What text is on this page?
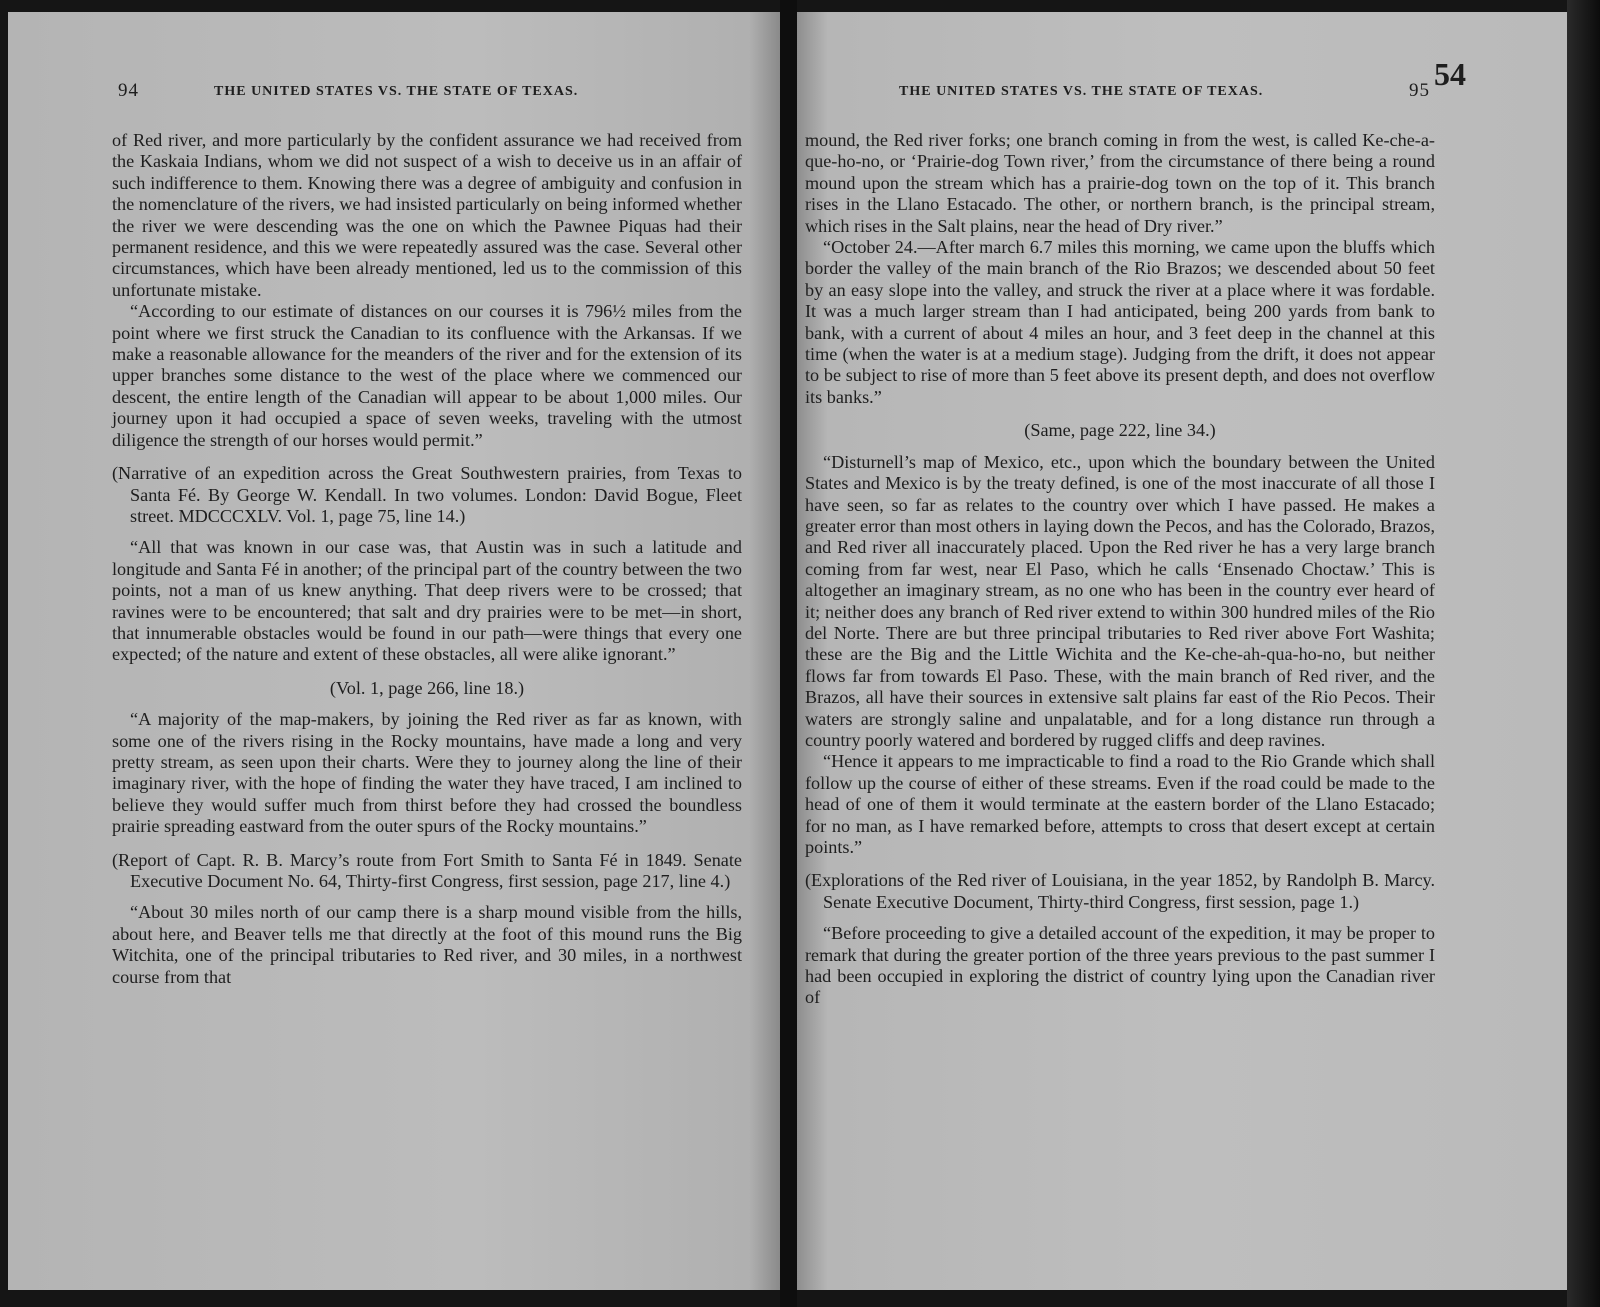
94	THE UNITED STATES VS. THE STATE OF TEXAS.

of Red river, and more particularly by the confident assurance we had received from the Kaskaia Indians, whom we did not suspect of a wish to deceive us in an affair of such indifference to them. Knowing there was a degree of ambiguity and confusion in the nomenclature of the rivers, we had insisted particularly on being informed whether the river we were descending was the one on which the Pawnee Piquas had their permanent residence, and this we were repeatedly assured was the case. Several other circumstances, which have been already mentioned, led us to the commission of this unfortunate mistake.

“According to our estimate of distances on our courses it is 796½ miles from the point where we first struck the Canadian to its confluence with the Arkansas. If we make a reasonable allowance for the meanders of the river and for the extension of its upper branches some distance to the west of the place where we commenced our descent, the entire length of the Canadian will appear to be about 1,000 miles. Our journey upon it had occupied a space of seven weeks, traveling with the utmost diligence the strength of our horses would permit.”

(Narrative of an expedition across the Great Southwestern prairies, from Texas to Santa Fé. By George W. Kendall. In two volumes. London: David Bogue, Fleet street. MDCCCXLV. Vol. 1, page 75, line 14.)

“All that was known in our case was, that Austin was in such a latitude and longitude and Santa Fé in another; of the principal part of the country between the two points, not a man of us knew anything. That deep rivers were to be crossed; that ravines were to be encountered; that salt and dry prairies were to be met—in short, that innumerable obstacles would be found in our path—were things that every one expected; of the nature and extent of these obstacles, all were alike ignorant.”

(Vol. 1, page 266, line 18.)

“A majority of the map-makers, by joining the Red river as far as known, with some one of the rivers rising in the Rocky mountains, have made a long and very pretty stream, as seen upon their charts. Were they to journey along the line of their imaginary river, with the hope of finding the water they have traced, I am inclined to believe they would suffer much from thirst before they had crossed the boundless prairie spreading eastward from the outer spurs of the Rocky mountains.”

(Report of Capt. R. B. Marcy’s route from Fort Smith to Santa Fé in 1849. Senate Executive Document No. 64, Thirty-first Congress, first session, page 217, line 4.)

“About 30 miles north of our camp there is a sharp mound visible from the hills, about here, and Beaver tells me that directly at the foot of this mound runs the Big Witchita, one of the principal tributaries to Red river, and 30 miles, in a northwest course from that

THE UNITED STATES VS. THE STATE OF TEXAS.	95 54

mound, the Red river forks; one branch coming in from the west, is called Ke-che-a-que-ho-no, or ‘Prairie-dog Town river,’ from the circumstance of there being a round mound upon the stream which has a prairie-dog town on the top of it. This branch rises in the Llano Estacado. The other, or northern branch, is the principal stream, which rises in the Salt plains, near the head of Dry river.”

“October 24.—After march 6.7 miles this morning, we came upon the bluffs which border the valley of the main branch of the Rio Brazos; we descended about 50 feet by an easy slope into the valley, and struck the river at a place where it was fordable. It was a much larger stream than I had anticipated, being 200 yards from bank to bank, with a current of about 4 miles an hour, and 3 feet deep in the channel at this time (when the water is at a medium stage). Judging from the drift, it does not appear to be subject to rise of more than 5 feet above its present depth, and does not overflow its banks.”

(Same, page 222, line 34.)

“Disturnell’s map of Mexico, etc., upon which the boundary between the United States and Mexico is by the treaty defined, is one of the most inaccurate of all those I have seen, so far as relates to the country over which I have passed. He makes a greater error than most others in laying down the Pecos, and has the Colorado, Brazos, and Red river all inaccurately placed. Upon the Red river he has a very large branch coming from far west, near El Paso, which he calls ‘Ensenado Choctaw.’ This is altogether an imaginary stream, as no one who has been in the country ever heard of it; neither does any branch of Red river extend to within 300 hundred miles of the Rio del Norte. There are but three principal tributaries to Red river above Fort Washita; these are the Big and the Little Wichita and the Ke-che-ah-qua-ho-no, but neither flows far from towards El Paso. These, with the main branch of Red river, and the Brazos, all have their sources in extensive salt plains far east of the Rio Pecos. Their waters are strongly saline and unpalatable, and for a long distance run through a country poorly watered and bordered by rugged cliffs and deep ravines.

“Hence it appears to me impracticable to find a road to the Rio Grande which shall follow up the course of either of these streams. Even if the road could be made to the head of one of them it would terminate at the eastern border of the Llano Estacado; for no man, as I have remarked before, attempts to cross that desert except at certain points.”

(Explorations of the Red river of Louisiana, in the year 1852, by Randolph B. Marcy. Senate Executive Document, Thirty-third Congress, first session, page 1.)

“Before proceeding to give a detailed account of the expedition, it may be proper to remark that during the greater portion of the three years previous to the past summer I had been occupied in exploring the district of country lying upon the Canadian river of
